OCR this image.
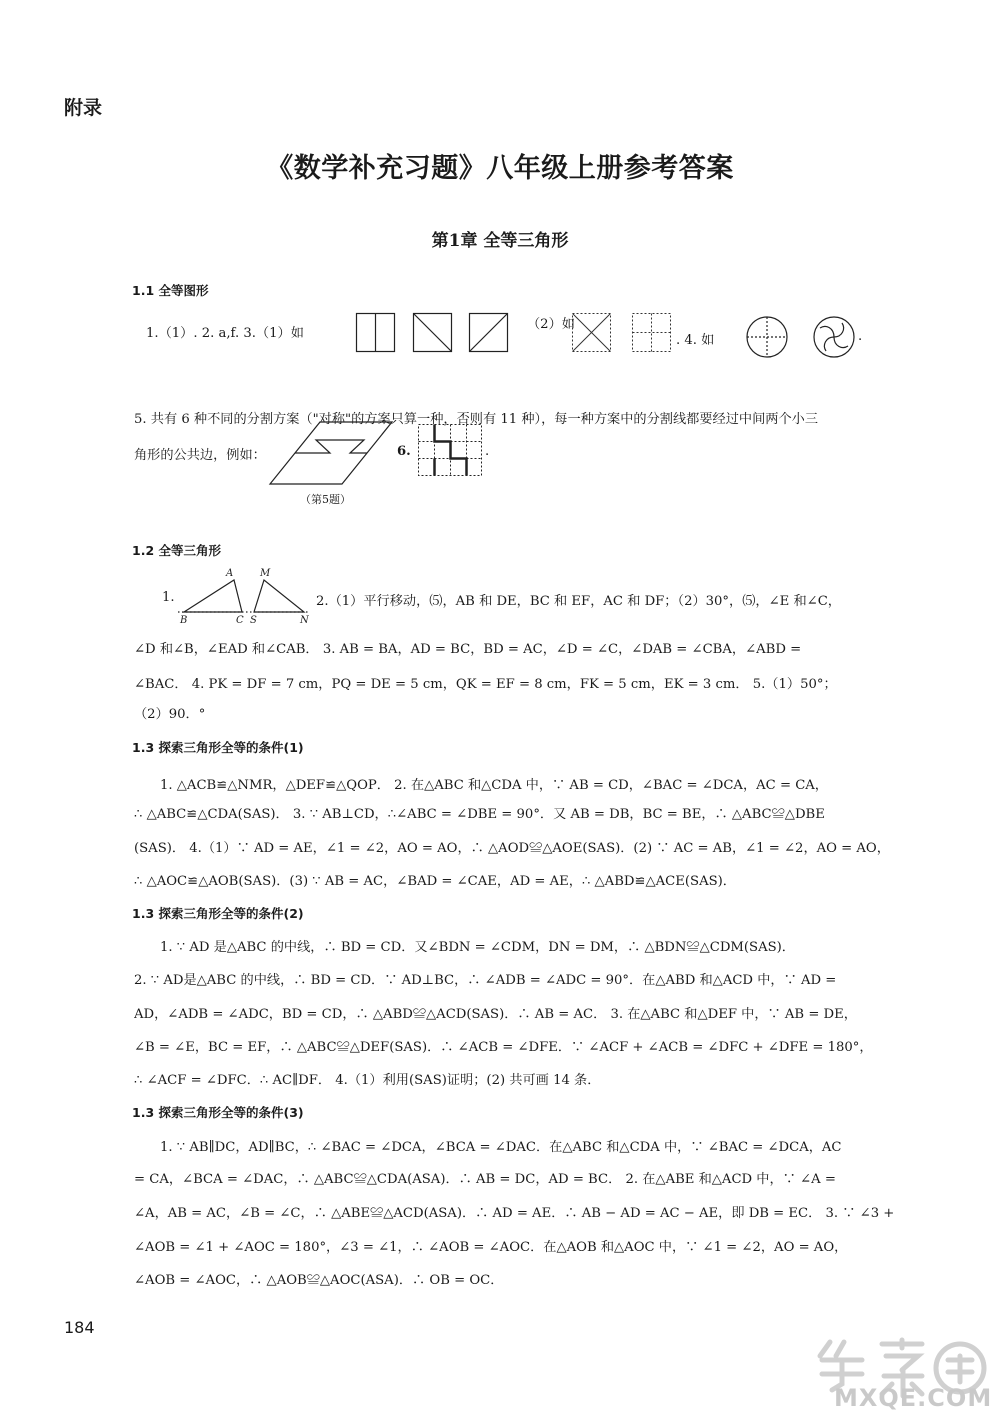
附录
《数学补充习题》八年级上册参考答案
第1章 全等三角形
1.1 全等图形
1.（1）. 2. a,f. 3.（1）如
（2）如
. 4. 如	.
5. 共有 6 种不同的分割方案（"对称"的方案只算一种，否则有 11 种），每一种方案中的分割线都要经过中间两个小三
角形的公共边，例如：
（第5题）
6.	.
1.2 全等三角形
1.
A	M
B	C S	N
2.（1）平行移动，⑸，AB 和 DE，BC 和 EF，AC 和 DF；（2）30°，⑸，∠E 和∠C，
∠D 和∠B，∠EAD 和∠CAB． 3. AB = BA，AD = BC，BD = AC，∠D = ∠C，∠DAB = ∠CBA，∠ABD =
∠BAC． 4. PK = DF = 7 cm，PQ = DE = 5 cm，QK = EF = 8 cm，FK = 5 cm，EK = 3 cm． 5.（1）50°；
（2）90．°
1.3 探索三角形全等的条件(1)
1. △ACB≌△NMR，△DEF≌△QOP． 2. 在△ABC 和△CDA 中，∵ AB = CD，∠BAC = ∠DCA，AC = CA，
∴ △ABC≌△CDA(SAS)． 3. ∵ AB⊥CD，∴∠ABC = ∠DBE = 90°．又 AB = DB，BC = BE，∴ △ABC≌△DBE
(SAS)． 4.（1）∵ AD = AE，∠1 = ∠2，AO = AO，∴ △AOD≌△AOE(SAS)．(2) ∵ AC = AB，∠1 = ∠2，AO = AO，
∴ △AOC≌△AOB(SAS)．(3) ∵ AB = AC，∠BAD = ∠CAE，AD = AE，∴ △ABD≌△ACE(SAS)．
1.3 探索三角形全等的条件(2)
1. ∵ AD 是△ABC 的中线，∴ BD = CD．又∠BDN = ∠CDM，DN = DM，∴ △BDN≌△CDM(SAS)．
2. ∵ AD是△ABC 的中线，∴ BD = CD．∵ AD⊥BC，∴ ∠ADB = ∠ADC = 90°．在△ABD 和△ACD 中，∵ AD =
AD，∠ADB = ∠ADC，BD = CD，∴ △ABD≌△ACD(SAS)．∴ AB = AC． 3. 在△ABC 和△DEF 中，∵ AB = DE，
∠B = ∠E，BC = EF，∴ △ABC≌△DEF(SAS)．∴ ∠ACB = ∠DFE．∵ ∠ACF + ∠ACB = ∠DFC + ∠DFE = 180°，
∴ ∠ACF = ∠DFC．∴ AC∥DF． 4.（1）利用(SAS)证明；(2) 共可画 14 条．
1.3 探索三角形全等的条件(3)
1. ∵ AB∥DC，AD∥BC，∴ ∠BAC = ∠DCA，∠BCA = ∠DAC．在△ABC 和△CDA 中，∵ ∠BAC = ∠DCA，AC
= CA，∠BCA = ∠DAC，∴ △ABC≌△CDA(ASA)．∴ AB = DC，AD = BC． 2. 在△ABE 和△ACD 中，∵ ∠A =
∠A，AB = AC，∠B = ∠C，∴ △ABE≌△ACD(ASA)．∴ AD = AE．∴ AB − AD = AC − AE，即 DB = EC． 3. ∵ ∠3 +
∠AOB = ∠1 + ∠AOC = 180°，∠3 = ∠1，∴ ∠AOB = ∠AOC．在△AOB 和△AOC 中，∵ ∠1 = ∠2，AO = AO，
∠AOB = ∠AOC，∴ △AOB≌△AOC(ASA)．∴ OB = OC．
184
MXQE.COM
